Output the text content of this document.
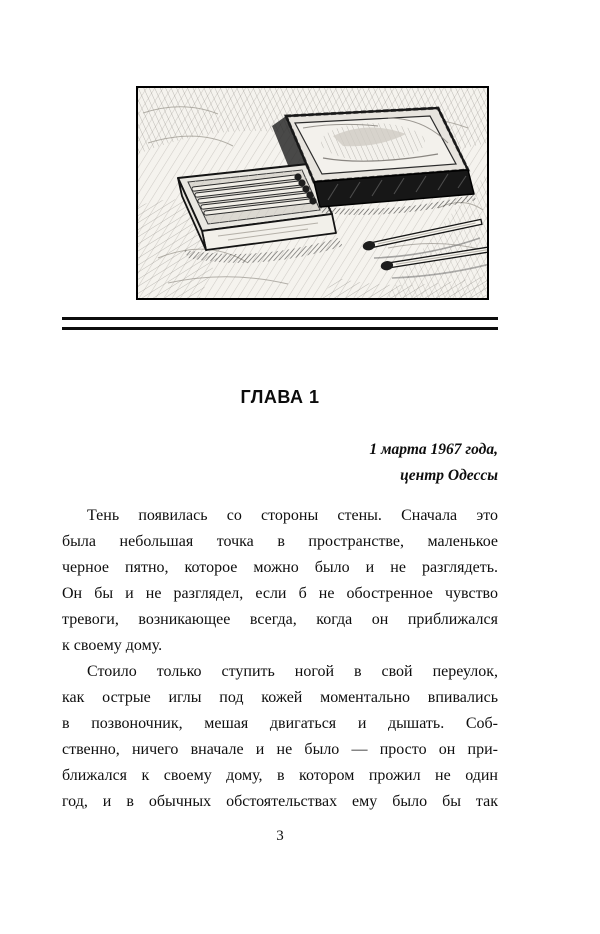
ГЛАВА 1
1 марта 1967 года,
центр Одессы
Тень появилась со стороны стены. Сначала это
была небольшая точка в пространстве, маленькое
черное пятно, которое можно было и не разглядеть.
Он бы и не разглядел, если б не обостренное чувство
тревоги, возникающее всегда, когда он приближался
к своему дому.
Стоило только ступить ногой в свой переулок,
как острые иглы под кожей моментально впивались
в позвоночник, мешая двигаться и дышать. Соб-
ственно, ничего вначале и не было — просто он при-
ближался к своему дому, в котором прожил не один
год, и в обычных обстоятельствах ему было бы так
3
